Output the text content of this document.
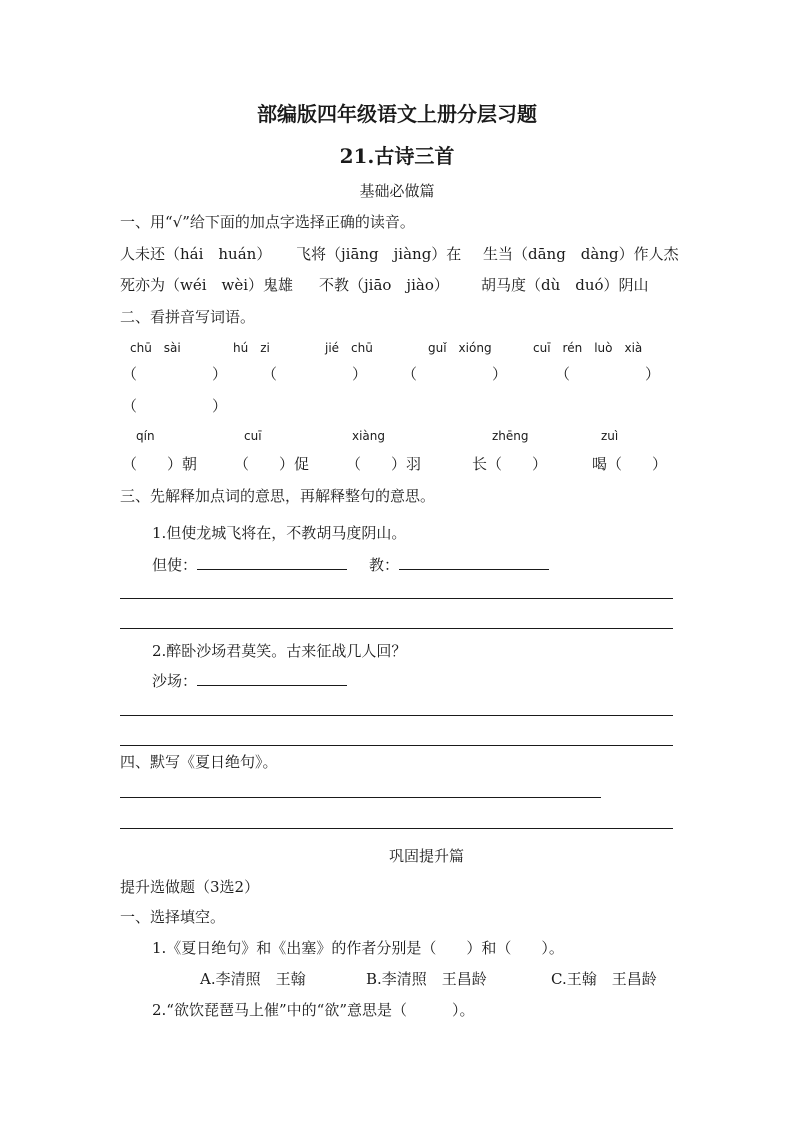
部编版四年级语文上册分层习题
21.古诗三首
基础必做篇
一、用“√”给下面的加点字选择正确的读音。
人未还（hái　huán） 飞将（jiāng　jiàng）在 生当（dāng　dàng）作人杰
死亦为（wéi　wèi）鬼雄 不教（jiāo　jiào） 胡马度（dù　duó）阴山
二、看拼音写词语。
chū　sài	hú　zi	jié　chū	guǐ　xióng	cuī　rén　luò　xià
（　　　　　） （　　　　　） （　　　　　）	（　　　　　）
（　　　　　）
qín	cuī	xiàng	zhēng	zuì
（　　）朝 （　　）促 （　　）羽	长（　　）	喝（　　）
三、先解释加点词的意思，再解释整句的意思。
1.但使龙城飞将在，不教胡马度阴山。
但使：	教：
2.醉卧沙场君莫笑。古来征战几人回？
沙场：
四、默写《夏日绝句》。
巩固提升篇
提升选做题（3选2）
一、选择填空。
1.《夏日绝句》和《出塞》的作者分别是（　　）和（　　）。
A.李清照　王翰	B.李清照　王昌龄	C.王翰　王昌龄
2.“欲饮琵琶马上催”中的“欲”意思是（　　　）。
